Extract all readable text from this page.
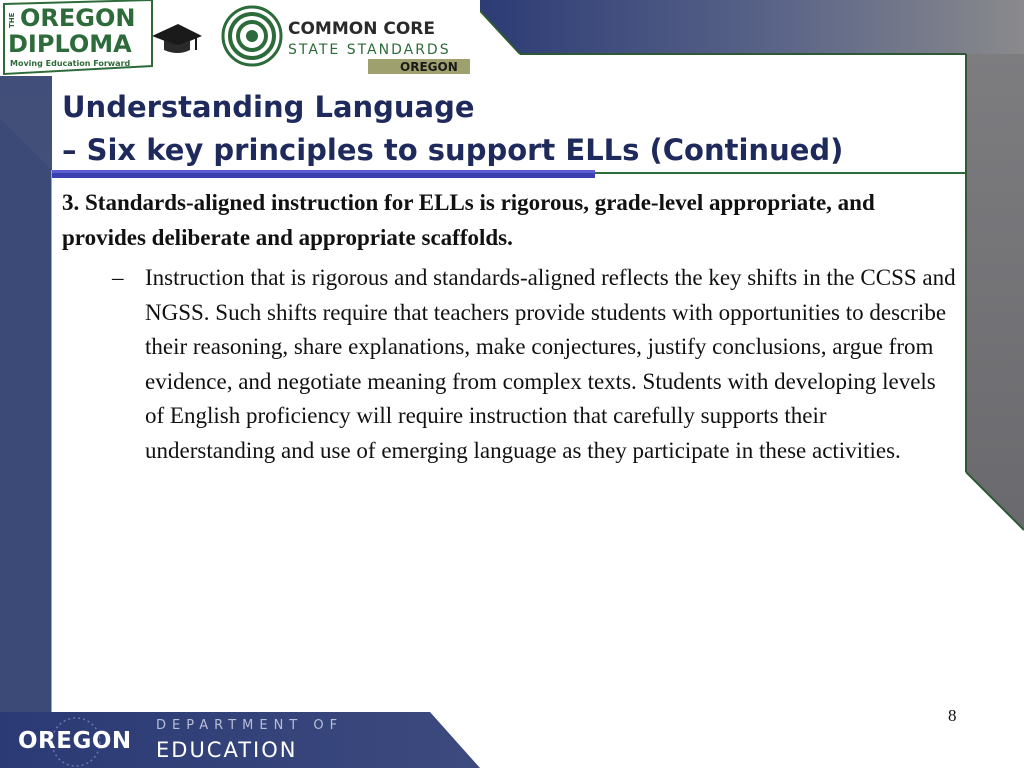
THE OREGON
DIPLOMA
Moving Education Forward
COMMON CORE
STATE STANDARDS
OREGON
Understanding Language
– Six key principles to support ELLs (Continued)
3. Standards-aligned instruction for ELLs is rigorous, grade-level appropriate, and provides deliberate and appropriate scaffolds.
– Instruction that is rigorous and standards-aligned reflects the key shifts in the CCSS and NGSS. Such shifts require that teachers provide students with opportunities to describe their reasoning, share explanations, make conjectures, justify conclusions, argue from evidence, and negotiate meaning from complex texts. Students with developing levels of English proficiency will require instruction that carefully supports their understanding and use of emerging language as they participate in these activities.
8
OREGON
DEPARTMENT OF
EDUCATION
